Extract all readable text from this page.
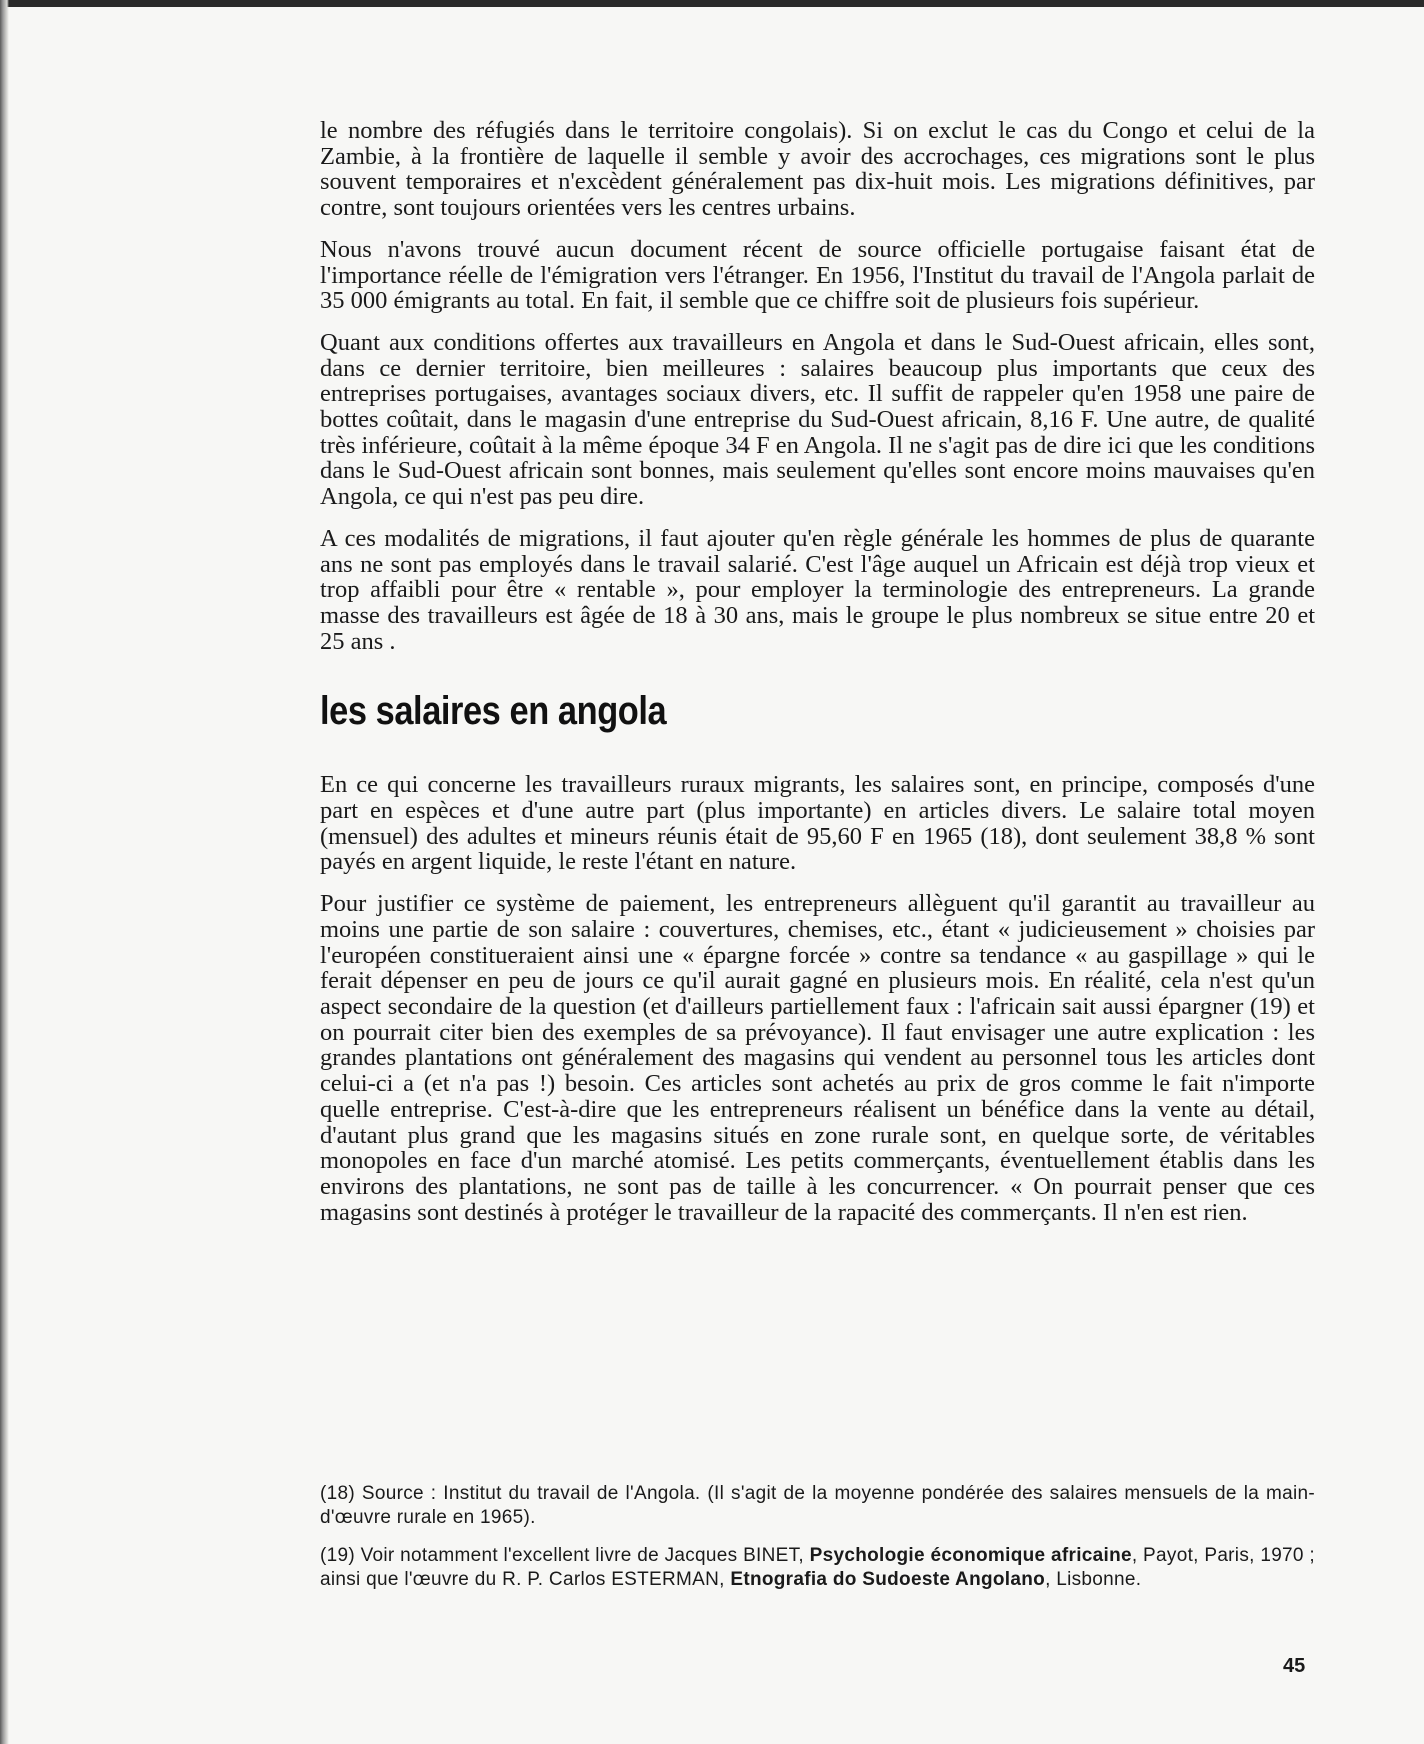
le nombre des réfugiés dans le territoire congolais). Si on exclut le cas du Congo et celui de la Zambie, à la frontière de laquelle il semble y avoir des accrochages, ces migrations sont le plus souvent temporaires et n'excèdent généralement pas dix-huit mois. Les migrations définitives, par contre, sont toujours orientées vers les centres urbains.

Nous n'avons trouvé aucun document récent de source officielle portugaise faisant état de l'importance réelle de l'émigration vers l'étranger. En 1956, l'Institut du travail de l'Angola parlait de 35 000 émigrants au total. En fait, il semble que ce chiffre soit de plusieurs fois supérieur.

Quant aux conditions offertes aux travailleurs en Angola et dans le Sud-Ouest africain, elles sont, dans ce dernier territoire, bien meilleures : salaires beaucoup plus importants que ceux des entreprises portugaises, avantages sociaux divers, etc. Il suffit de rappeler qu'en 1958 une paire de bottes coûtait, dans le magasin d'une entreprise du Sud-Ouest africain, 8,16 F. Une autre, de qualité très inférieure, coûtait à la même époque 34 F en Angola. Il ne s'agit pas de dire ici que les conditions dans le Sud-Ouest africain sont bonnes, mais seulement qu'elles sont encore moins mauvaises qu'en Angola, ce qui n'est pas peu dire.

A ces modalités de migrations, il faut ajouter qu'en règle générale les hommes de plus de quarante ans ne sont pas employés dans le travail salarié. C'est l'âge auquel un Africain est déjà trop vieux et trop affaibli pour être « rentable », pour employer la terminologie des entrepreneurs. La grande masse des travailleurs est âgée de 18 à 30 ans, mais le groupe le plus nombreux se situe entre 20 et 25 ans .

les salaires en angola

En ce qui concerne les travailleurs ruraux migrants, les salaires sont, en principe, composés d'une part en espèces et d'une autre part (plus importante) en articles divers. Le salaire total moyen (mensuel) des adultes et mineurs réunis était de 95,60 F en 1965 (18), dont seulement 38,8 % sont payés en argent liquide, le reste l'étant en nature.

Pour justifier ce système de paiement, les entrepreneurs allèguent qu'il garantit au travailleur au moins une partie de son salaire : couvertures, chemises, etc., étant « judicieusement » choisies par l'européen constitueraient ainsi une « épargne forcée » contre sa tendance « au gaspillage » qui le ferait dépenser en peu de jours ce qu'il aurait gagné en plusieurs mois. En réalité, cela n'est qu'un aspect secondaire de la question (et d'ailleurs partiellement faux : l'africain sait aussi épargner (19) et on pourrait citer bien des exemples de sa prévoyance). Il faut envisager une autre explication : les grandes plantations ont généralement des magasins qui vendent au personnel tous les articles dont celui-ci a (et n'a pas !) besoin. Ces articles sont achetés au prix de gros comme le fait n'importe quelle entreprise. C'est-à-dire que les entrepreneurs réalisent un bénéfice dans la vente au détail, d'autant plus grand que les magasins situés en zone rurale sont, en quelque sorte, de véritables monopoles en face d'un marché atomisé. Les petits commerçants, éventuellement établis dans les environs des plantations, ne sont pas de taille à les concurrencer. « On pourrait penser que ces magasins sont destinés à protéger le travailleur de la rapacité des commerçants. Il n'en est rien.

(18) Source : Institut du travail de l'Angola. (Il s'agit de la moyenne pondérée des salaires mensuels de la main-d'œuvre rurale en 1965).

(19) Voir notamment l'excellent livre de Jacques BINET, Psychologie économique africaine, Payot, Paris, 1970 ; ainsi que l'œuvre du R. P. Carlos ESTERMAN, Etnografia do Sudoeste Angolano, Lisbonne.

45
